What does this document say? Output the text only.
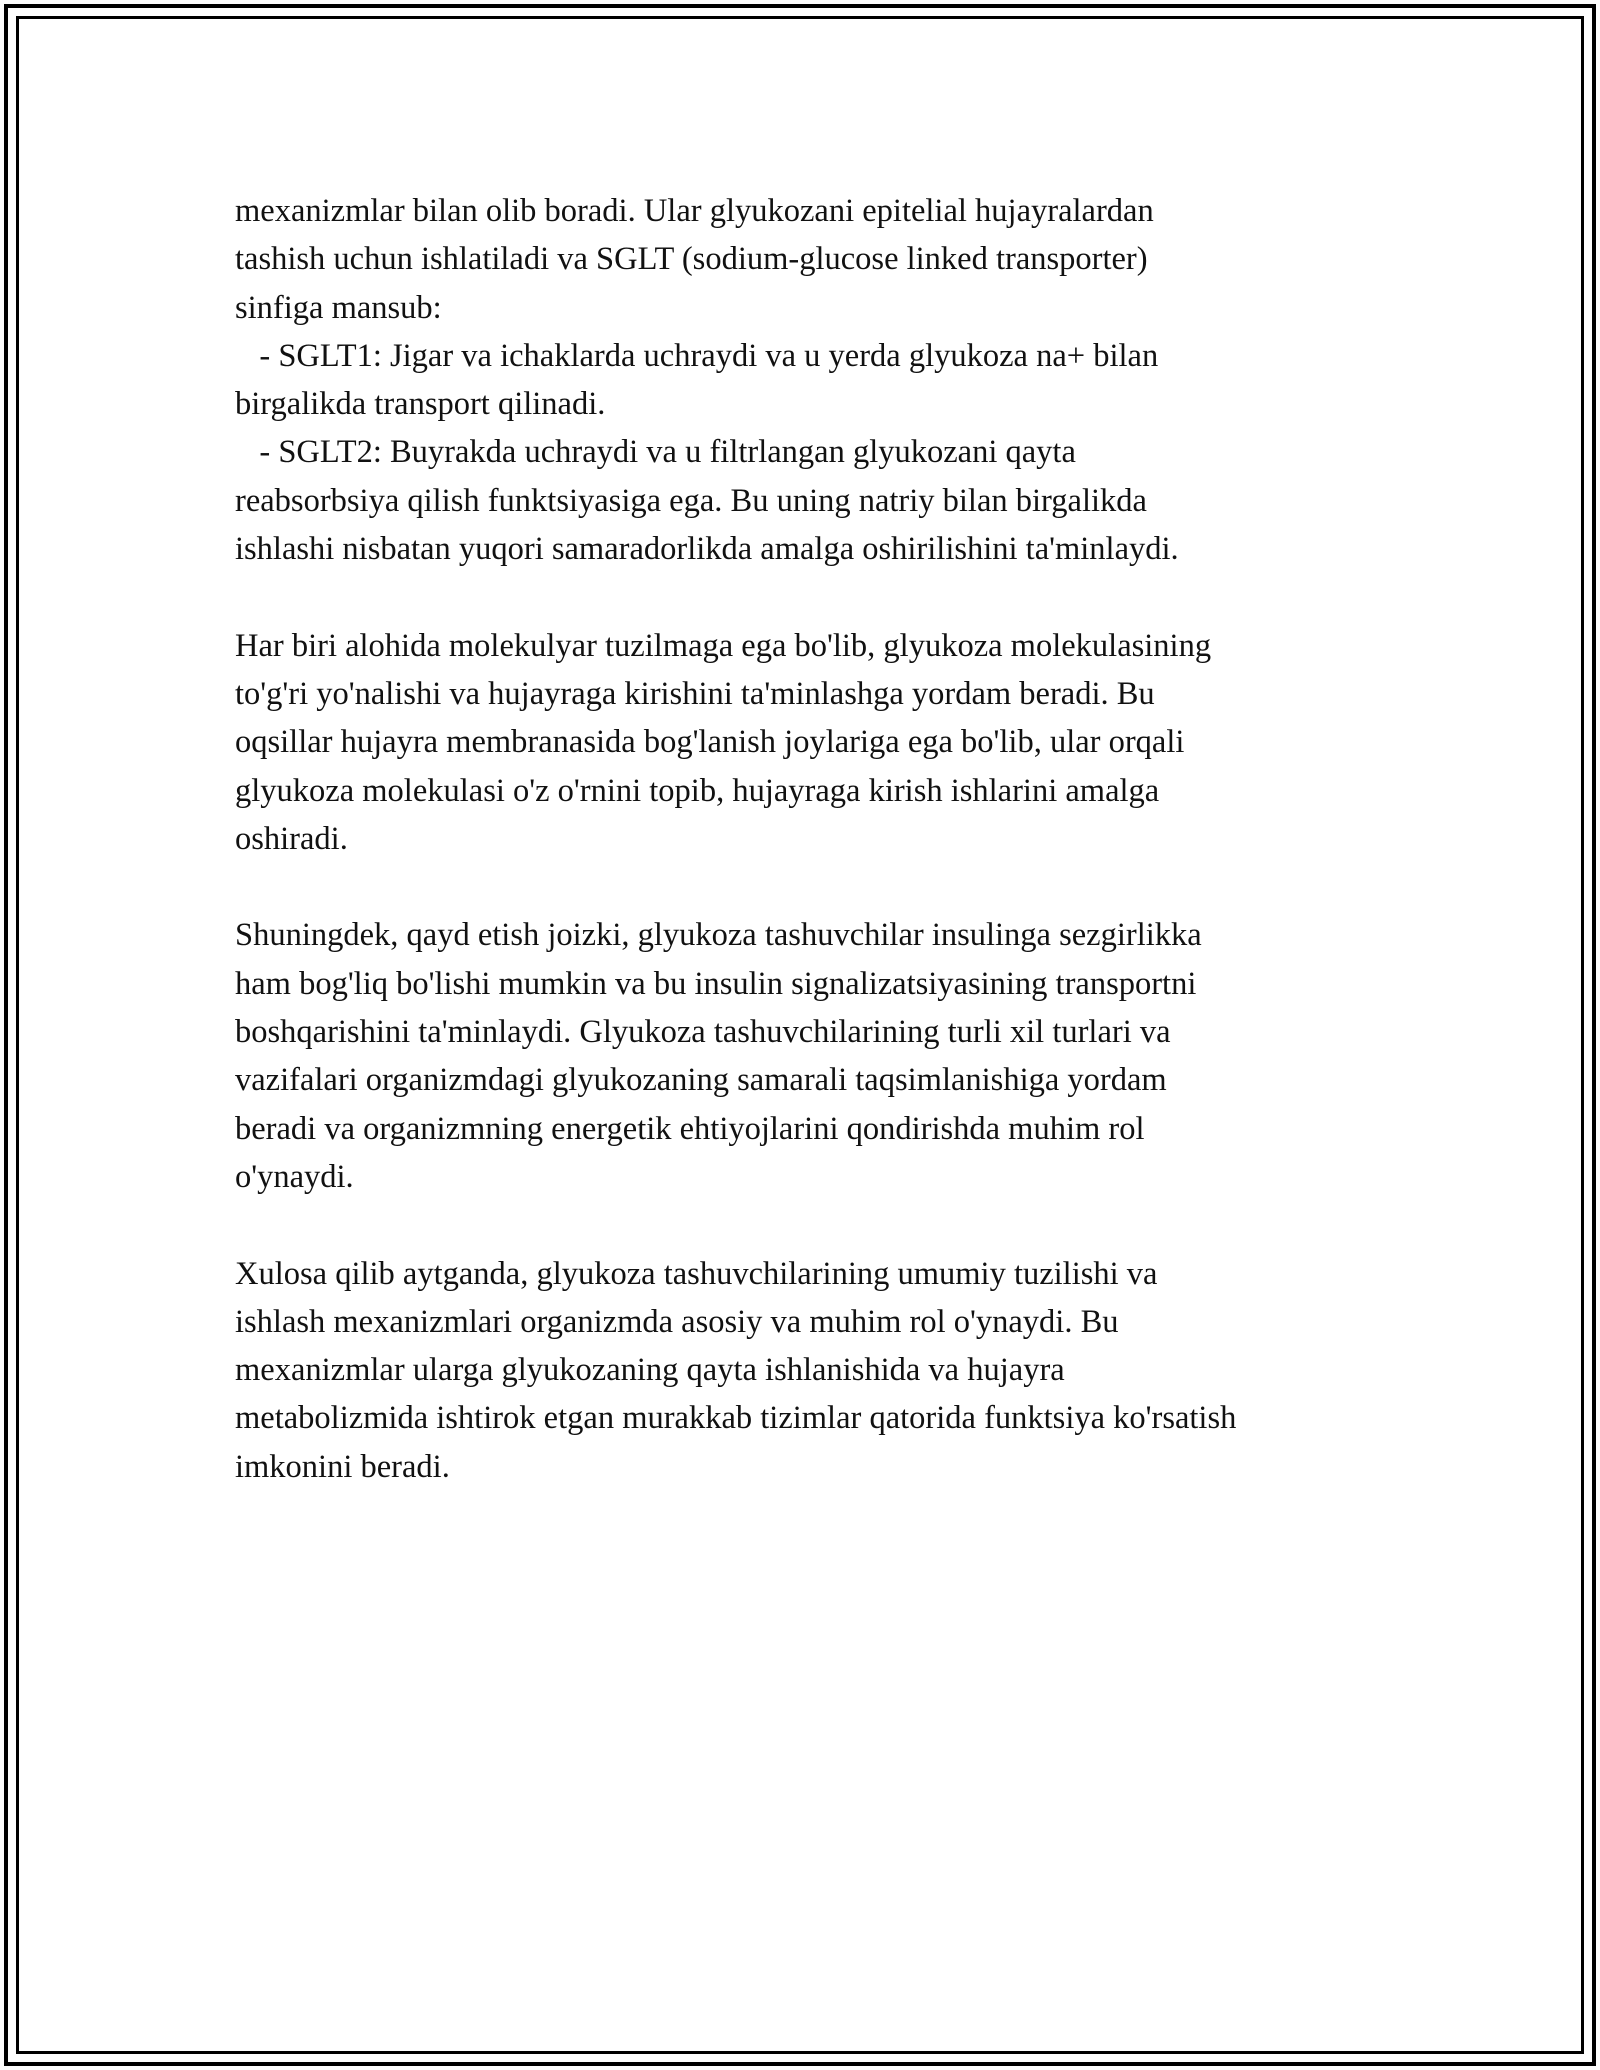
mexanizmlar bilan olib boradi. Ular glyukozani epitelial hujayralardan
tashish uchun ishlatiladi va SGLT (sodium-glucose linked transporter)
sinfiga mansub:
- SGLT1: Jigar va ichaklarda uchraydi va u yerda glyukoza na+ bilan
birgalikda transport qilinadi.
- SGLT2: Buyrakda uchraydi va u filtrlangan glyukozani qayta
reabsorbsiya qilish funktsiyasiga ega. Bu uning natriy bilan birgalikda
ishlashi nisbatan yuqori samaradorlikda amalga oshirilishini ta'minlaydi.
Har biri alohida molekulyar tuzilmaga ega bo'lib, glyukoza molekulasining
to'g'ri yo'nalishi va hujayraga kirishini ta'minlashga yordam beradi. Bu
oqsillar hujayra membranasida bog'lanish joylariga ega bo'lib, ular orqali
glyukoza molekulasi o'z o'rnini topib, hujayraga kirish ishlarini amalga
oshiradi.
Shuningdek, qayd etish joizki, glyukoza tashuvchilar insulinga sezgirlikka
ham bog'liq bo'lishi mumkin va bu insulin signalizatsiyasining transportni
boshqarishini ta'minlaydi. Glyukoza tashuvchilarining turli xil turlari va
vazifalari organizmdagi glyukozaning samarali taqsimlanishiga yordam
beradi va organizmning energetik ehtiyojlarini qondirishda muhim rol
o'ynaydi.
Xulosa qilib aytganda, glyukoza tashuvchilarining umumiy tuzilishi va
ishlash mexanizmlari organizmda asosiy va muhim rol o'ynaydi. Bu
mexanizmlar ularga glyukozaning qayta ishlanishida va hujayra
metabolizmida ishtirok etgan murakkab tizimlar qatorida funktsiya ko'rsatish
imkonini beradi.
